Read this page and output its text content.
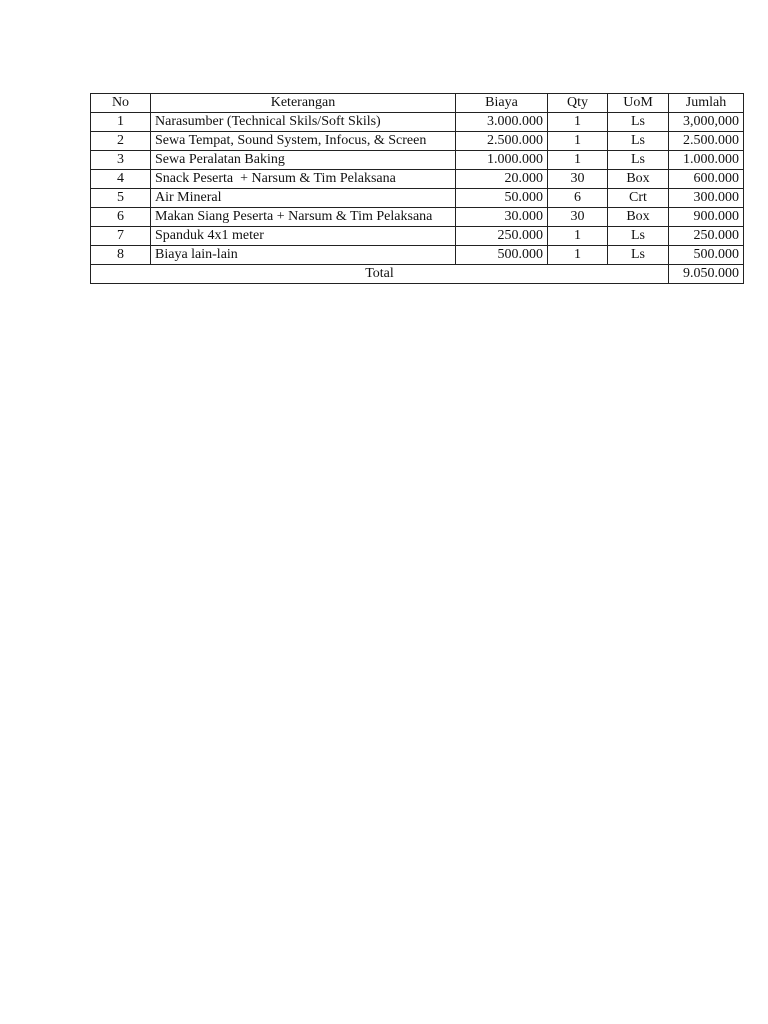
No	Keterangan	Biaya	Qty	UoM	Jumlah
1	Narasumber (Technical Skils/Soft Skils)	3.000.000	1	Ls	3,000,000
2	Sewa Tempat, Sound System, Infocus, & Screen	2.500.000	1	Ls	2.500.000
3	Sewa Peralatan Baking	1.000.000	1	Ls	1.000.000
4	Snack Peserta  + Narsum & Tim Pelaksana	20.000	30	Box	600.000
5	Air Mineral	50.000	6	Crt	300.000
6	Makan Siang Peserta + Narsum & Tim Pelaksana	30.000	30	Box	900.000
7	Spanduk 4x1 meter	250.000	1	Ls	250.000
8	Biaya lain-lain	500.000	1	Ls	500.000
Total					9.050.000
